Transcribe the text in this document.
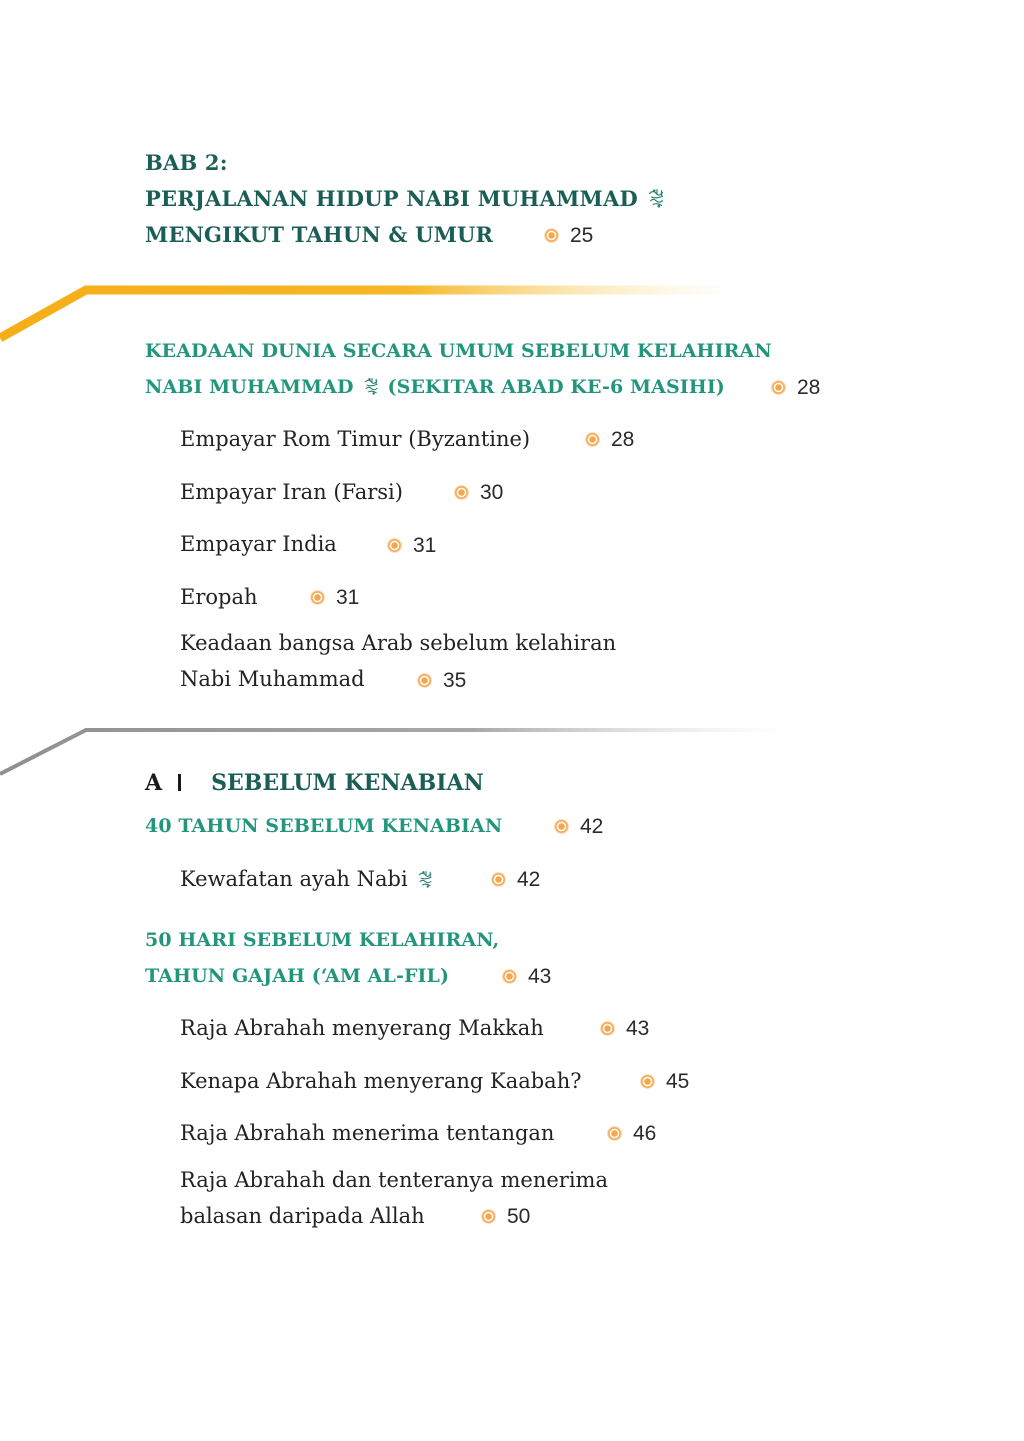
BAB 2:
PERJALANAN HIDUP NABI MUHAMMAD
MENGIKUT TAHUN & UMUR	25
KEADAAN DUNIA SECARA UMUM SEBELUM KELAHIRAN
NABI MUHAMMAD (SEKITAR ABAD KE-6 MASIHI)	28
Empayar Rom Timur (Byzantine)	28
Empayar Iran (Farsi)	30
Empayar India	31
Eropah	31
Keadaan bangsa Arab sebelum kelahiran
Nabi Muhammad	35
A SEBELUM KENABIAN
40 TAHUN SEBELUM KENABIAN	42
Kewafatan ayah Nabi	42
50 HARI SEBELUM KELAHIRAN,
TAHUN GAJAH (‘AM AL-FIL)	43
Raja Abrahah menyerang Makkah	43
Kenapa Abrahah menyerang Kaabah?	45
Raja Abrahah menerima tentangan	46
Raja Abrahah dan tenteranya menerima
balasan daripada Allah	50
